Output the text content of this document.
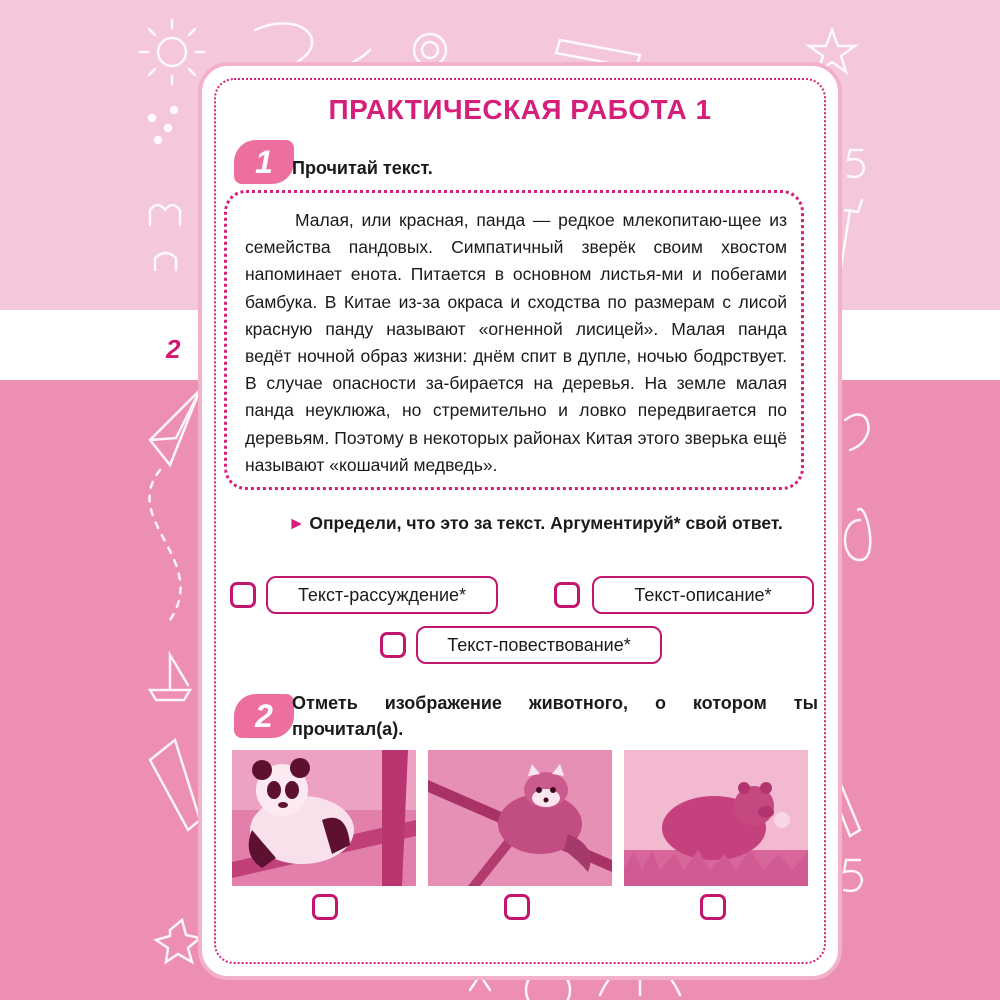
2
ПРАКТИЧЕСКАЯ РАБОТА 1
1	Прочитай текст.

Малая, или красная, панда — редкое млекопитаю-щее из семейства пандовых. Симпатичный зверёк своим хвостом напоминает енота. Питается в основном листья-ми и побегами бамбука. В Китае из-за окраса и сходства по размерам с лисой красную панду называют «огненной лисицей». Малая панда ведёт ночной образ жизни: днём спит в дупле, ночью бодрствует. В случае опасности за-бирается на деревья. На земле малая панда неуклюжа, но стремительно и ловко передвигается по деревьям. Поэтому в некоторых районах Китая этого зверька ещё называют «кошачий медведь».

► Определи, что это за текст. Аргументируй* свой ответ.
Текст-рассуждение*	Текст-описание*
Текст-повествование*
2	Отметь изображение животного, о котором ты прочитал(а).
